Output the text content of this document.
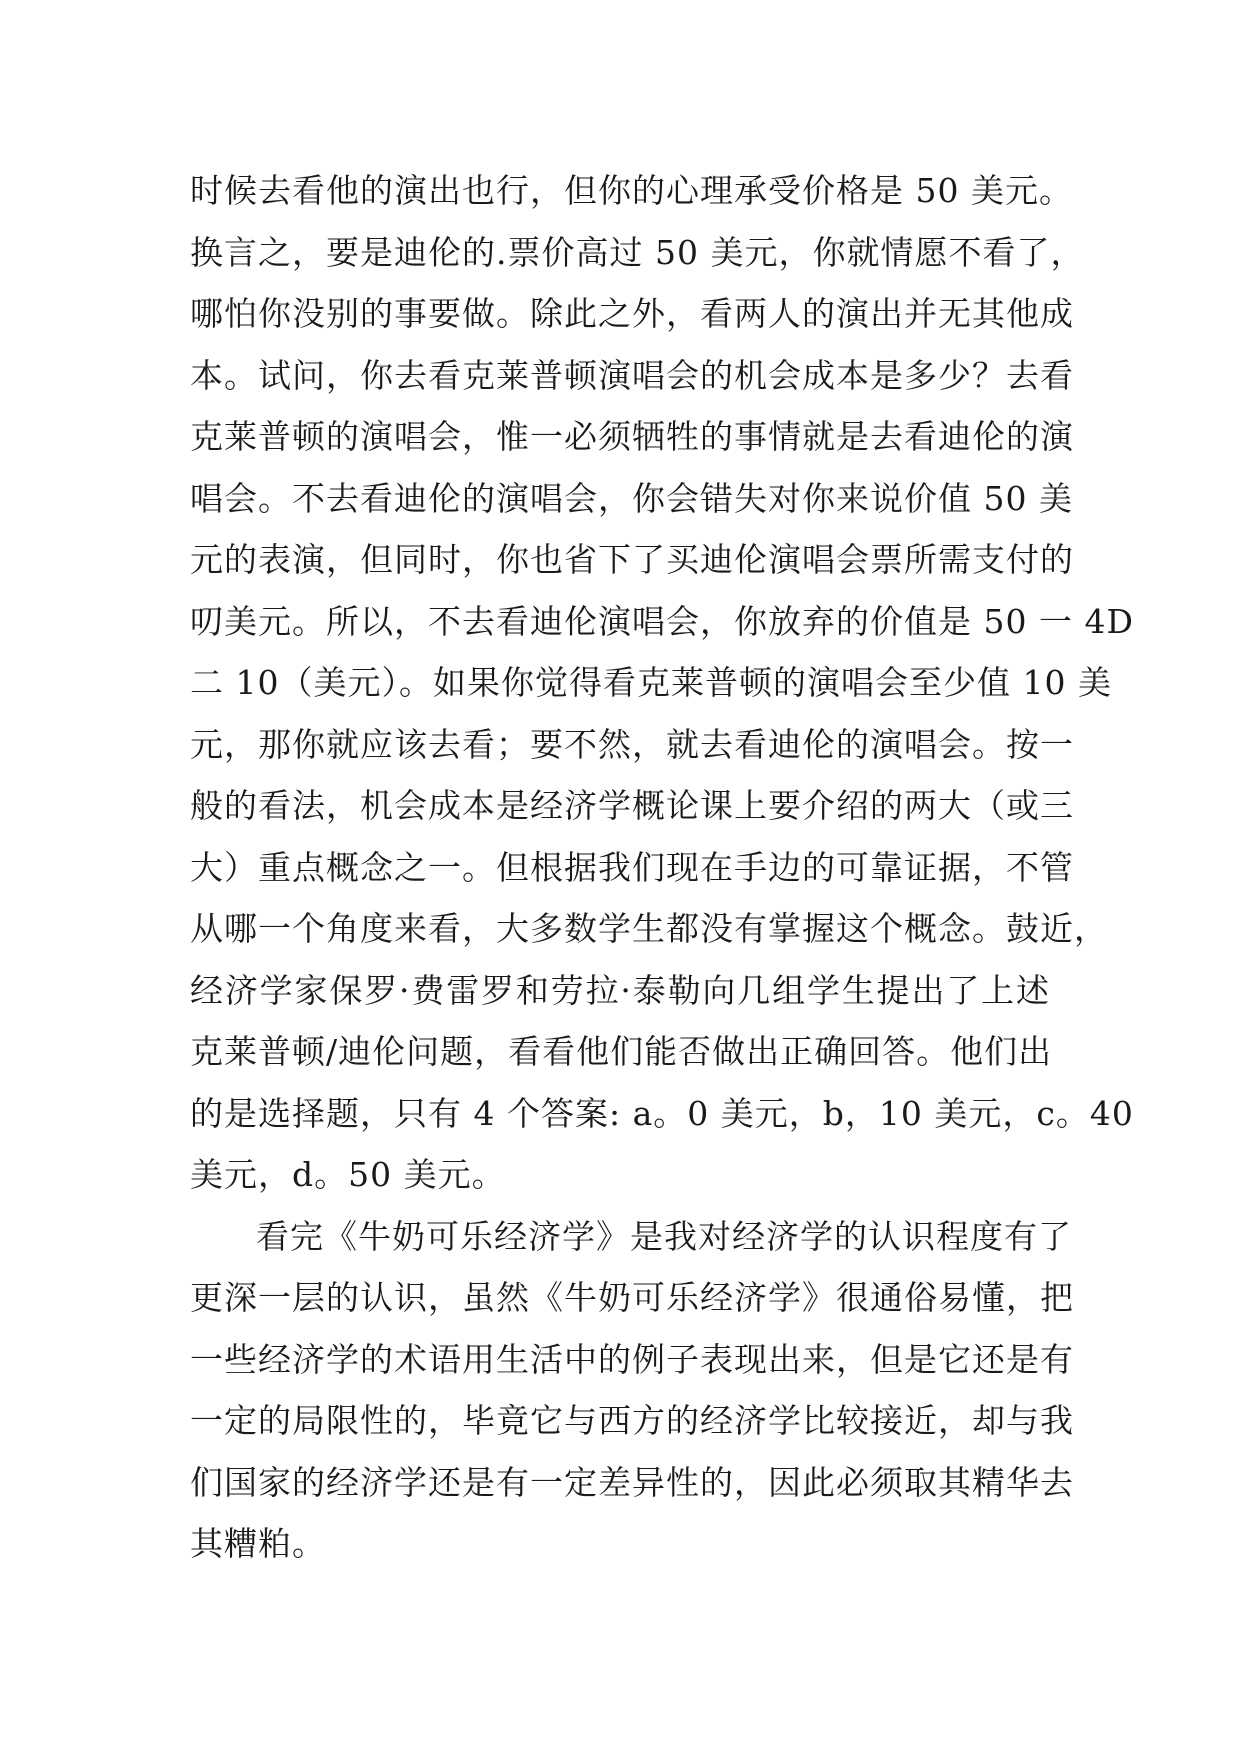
时候去看他的演出也行，但你的心理承受价格是 50 美元。
换言之，要是迪伦的.票价高过 50 美元，你就情愿不看了，
哪怕你没别的事要做。除此之外，看两人的演出并无其他成
本。试问，你去看克莱普顿演唱会的机会成本是多少？去看
克莱普顿的演唱会，惟一必须牺牲的事情就是去看迪伦的演
唱会。不去看迪伦的演唱会，你会错失对你来说价值 50 美
元的表演，但同时，你也省下了买迪伦演唱会票所需支付的
叨美元。所以，不去看迪伦演唱会，你放弃的价值是 50 一 4D
二 10（美元）。如果你觉得看克莱普顿的演唱会至少值 10 美
元，那你就应该去看；要不然，就去看迪伦的演唱会。按一
般的看法，机会成本是经济学概论课上要介绍的两大（或三
大）重点概念之一。但根据我们现在手边的可靠证据，不管
从哪一个角度来看，大多数学生都没有掌握这个概念。鼓近，
经济学家保罗·费雷罗和劳拉·泰勒向几组学生提出了上述
克莱普顿/迪伦问题，看看他们能否做出正确回答。他们出
的是选择题，只有 4 个答案: a。0 美元，b，10 美元，c。40
美元，d。50 美元。
看完《牛奶可乐经济学》是我对经济学的认识程度有了
更深一层的认识，虽然《牛奶可乐经济学》很通俗易懂，把
一些经济学的术语用生活中的例子表现出来，但是它还是有
一定的局限性的，毕竟它与西方的经济学比较接近，却与我
们国家的经济学还是有一定差异性的，因此必须取其精华去
其糟粕。
